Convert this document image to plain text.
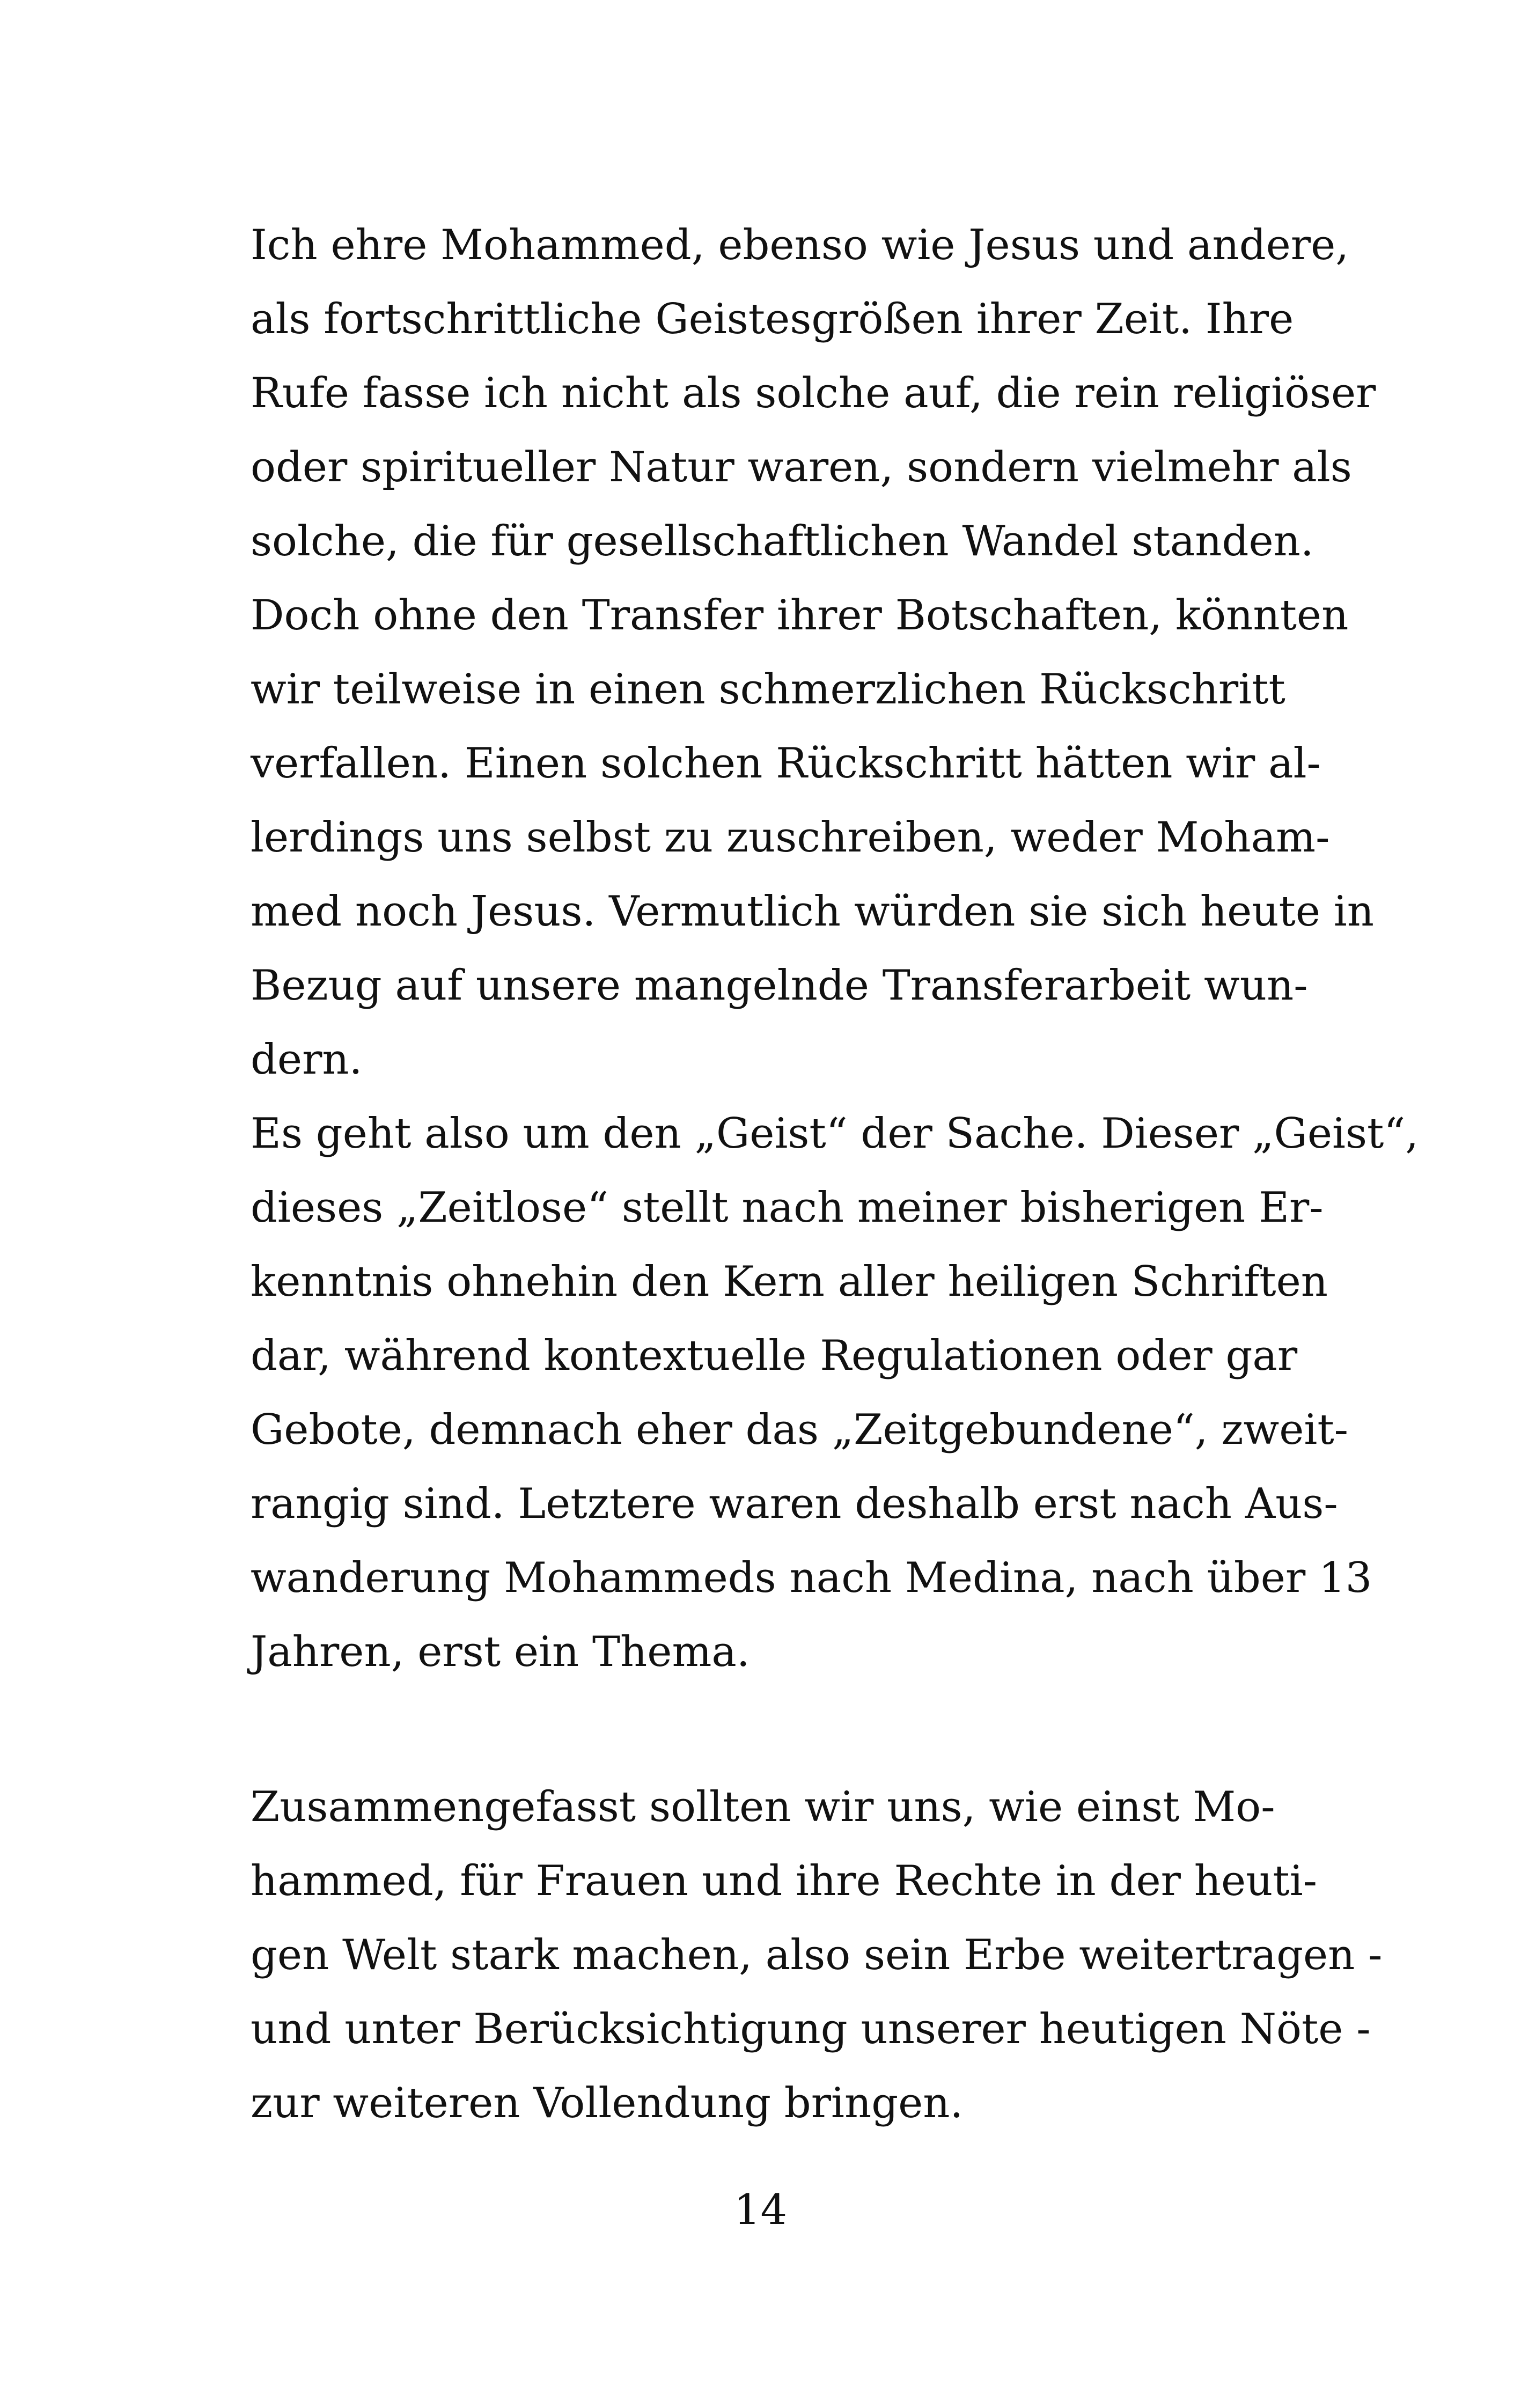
Ich ehre Mohammed, ebenso wie Jesus und andere,
als fortschrittliche Geistesgrößen ihrer Zeit. Ihre
Rufe fasse ich nicht als solche auf, die rein religiöser
oder spiritueller Natur waren, sondern vielmehr als
solche, die für gesellschaftlichen Wandel standen.
Doch ohne den Transfer ihrer Botschaften, könnten
wir teilweise in einen schmerzlichen Rückschritt
verfallen. Einen solchen Rückschritt hätten wir al-
lerdings uns selbst zu zuschreiben, weder Moham-
med noch Jesus. Vermutlich würden sie sich heute in
Bezug auf unsere mangelnde Transferarbeit wun-
dern.
Es geht also um den „Geist“ der Sache. Dieser „Geist“,
dieses „Zeitlose“ stellt nach meiner bisherigen Er-
kenntnis ohnehin den Kern aller heiligen Schriften
dar, während kontextuelle Regulationen oder gar
Gebote, demnach eher das „Zeitgebundene“, zweit-
rangig sind. Letztere waren deshalb erst nach Aus-
wanderung Mohammeds nach Medina, nach über 13
Jahren, erst ein Thema.
Zusammengefasst sollten wir uns, wie einst Mo-
hammed, für Frauen und ihre Rechte in der heuti-
gen Welt stark machen, also sein Erbe weitertragen -
und unter Berücksichtigung unserer heutigen Nöte -
zur weiteren Vollendung bringen.
14
